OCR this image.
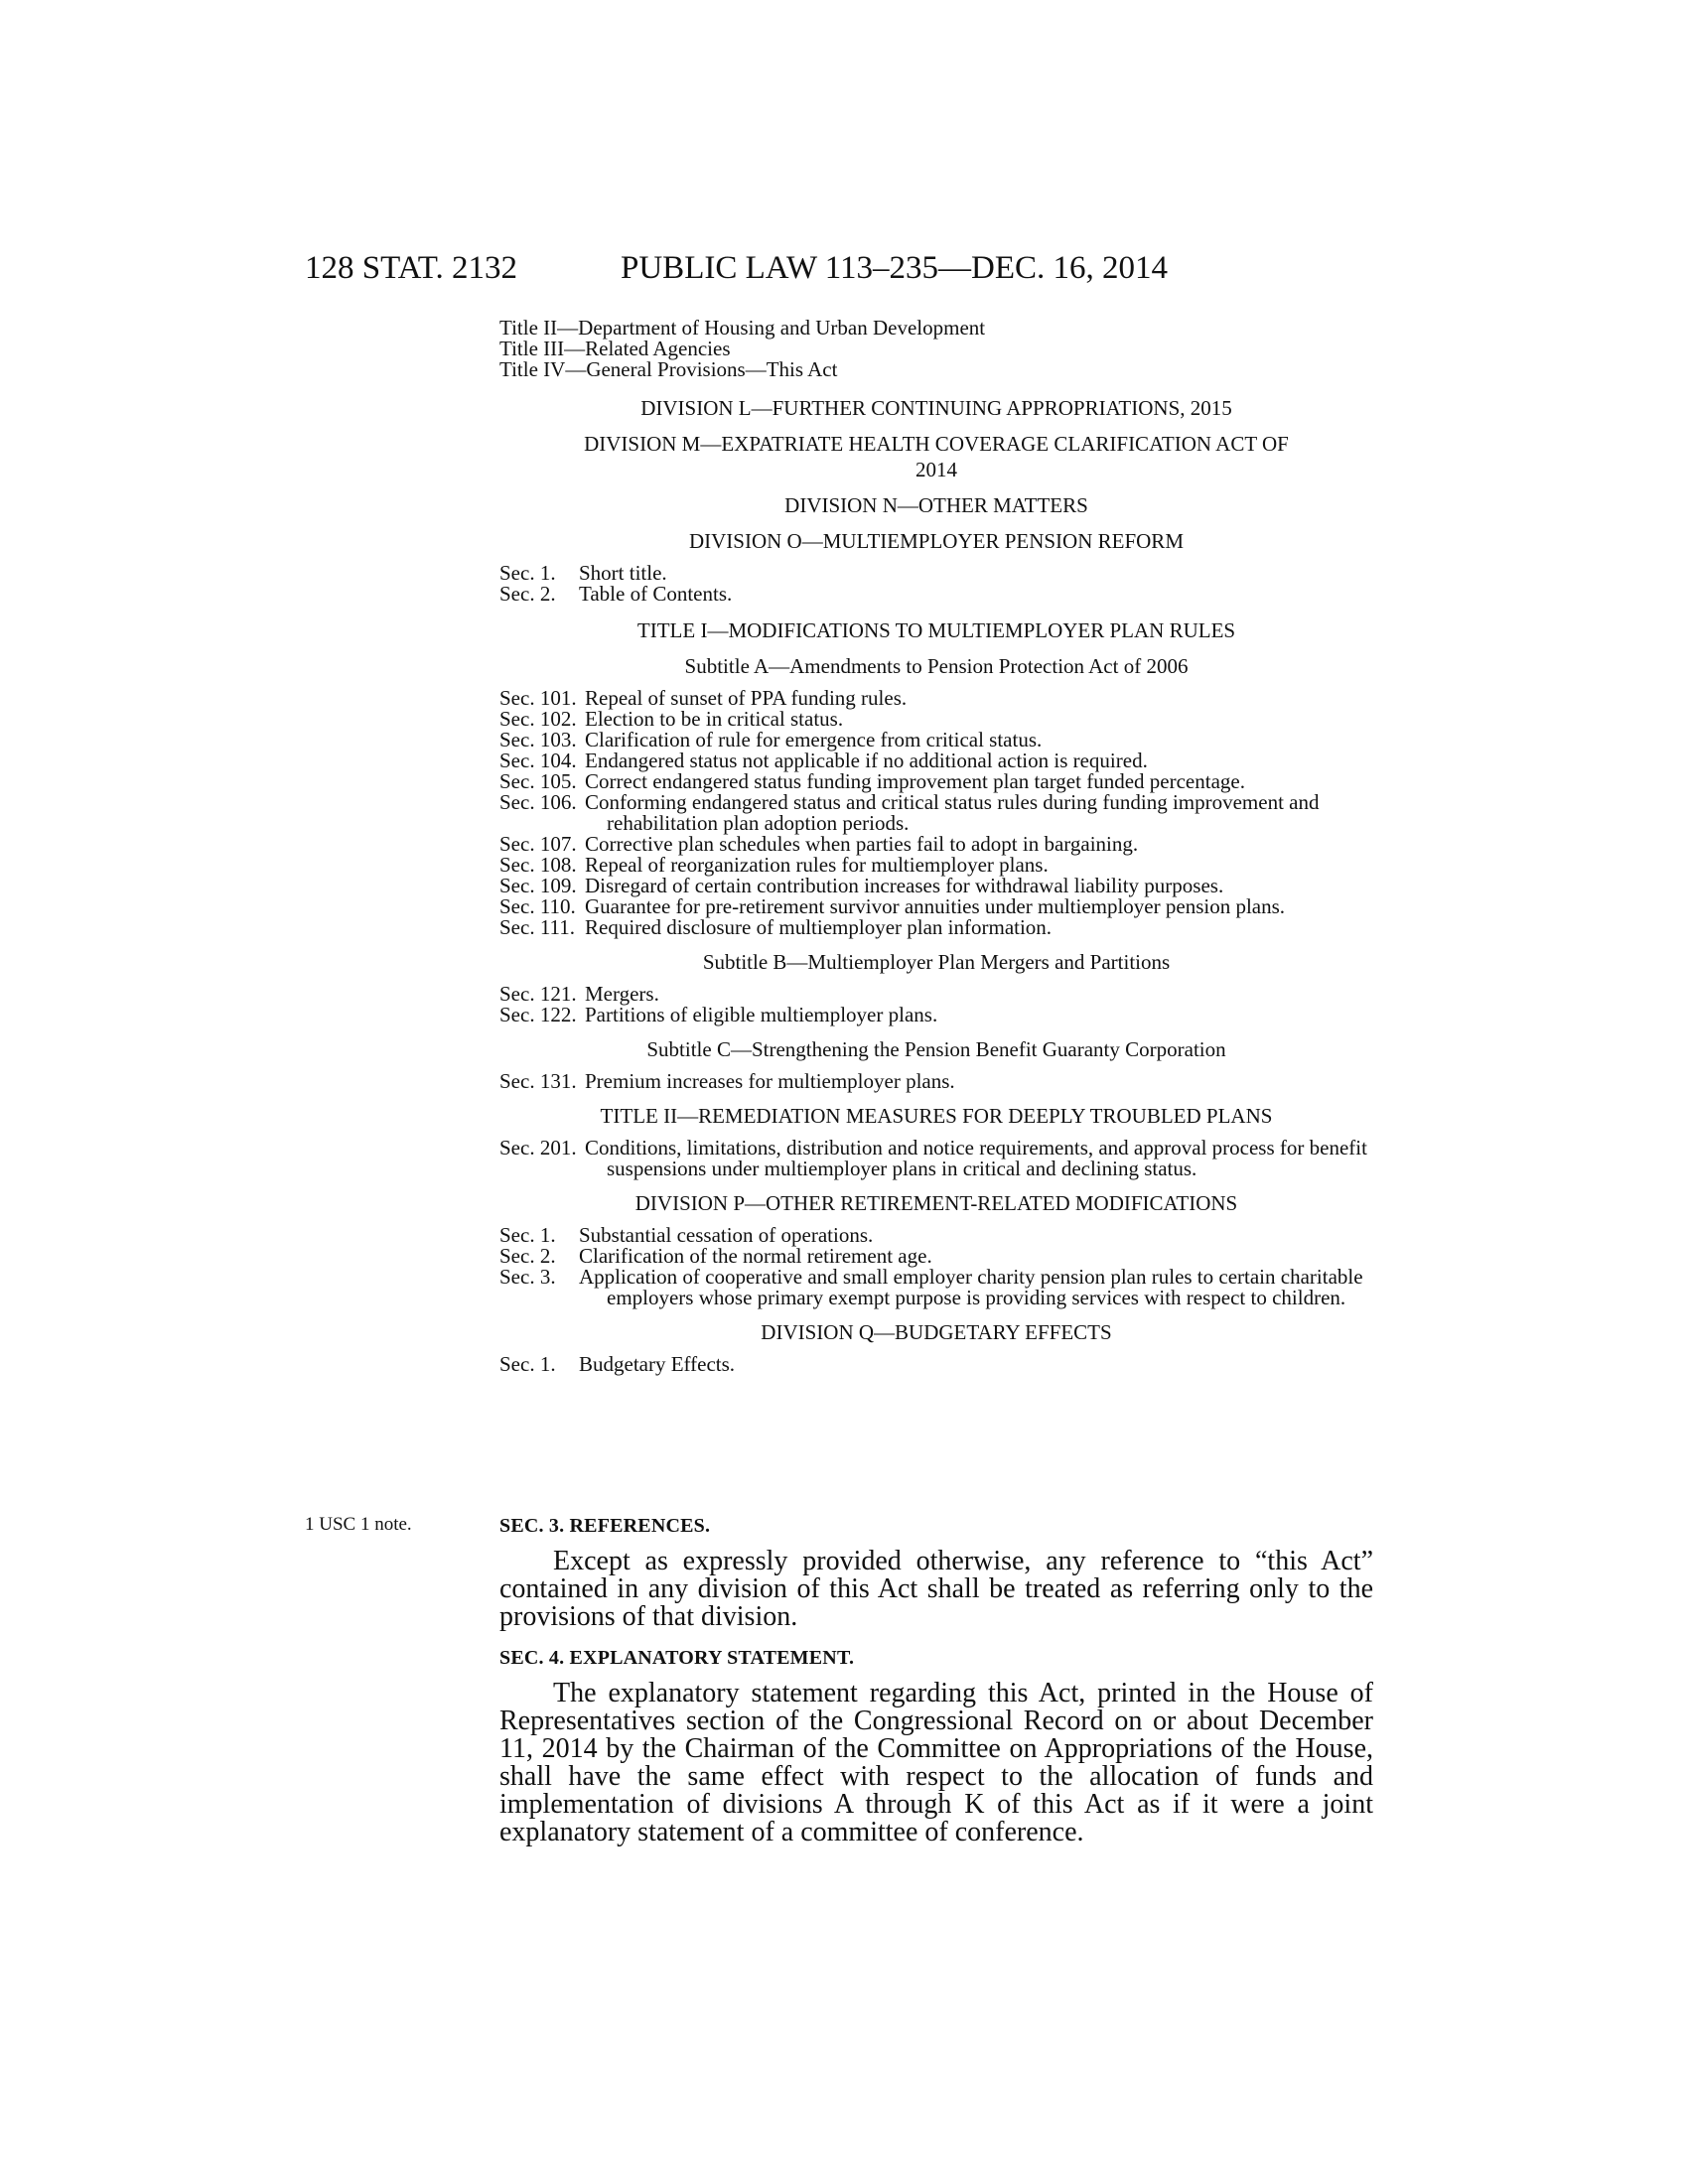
128 STAT. 2132	PUBLIC LAW 113–235—DEC. 16, 2014

Title II—Department of Housing and Urban Development

Title III—Related Agencies

Title IV—General Provisions—This Act

DIVISION L—FURTHER CONTINUING APPROPRIATIONS, 2015
DIVISION M—EXPATRIATE HEALTH COVERAGE CLARIFICATION ACT OF
2014
DIVISION N—OTHER MATTERS
DIVISION O—MULTIEMPLOYER PENSION REFORM

Sec. 1. Short title.

Sec. 2. Table of Contents.

TITLE I—MODIFICATIONS TO MULTIEMPLOYER PLAN RULES
Subtitle A—Amendments to Pension Protection Act of 2006

Sec. 101. Repeal of sunset of PPA funding rules.

Sec. 102. Election to be in critical status.

Sec. 103. Clarification of rule for emergence from critical status.

Sec. 104. Endangered status not applicable if no additional action is required.

Sec. 105. Correct endangered status funding improvement plan target funded percentage.

Sec. 106. Conforming endangered status and critical status rules during funding improvement and rehabilitation plan adoption periods.

Sec. 107. Corrective plan schedules when parties fail to adopt in bargaining.

Sec. 108. Repeal of reorganization rules for multiemployer plans.

Sec. 109. Disregard of certain contribution increases for withdrawal liability purposes.

Sec. 110. Guarantee for pre-retirement survivor annuities under multiemployer pension plans.

Sec. 111. Required disclosure of multiemployer plan information.

Subtitle B—Multiemployer Plan Mergers and Partitions

Sec. 121. Mergers.

Sec. 122. Partitions of eligible multiemployer plans.

Subtitle C—Strengthening the Pension Benefit Guaranty Corporation

Sec. 131. Premium increases for multiemployer plans.

TITLE II—REMEDIATION MEASURES FOR DEEPLY TROUBLED PLANS

Sec. 201. Conditions, limitations, distribution and notice requirements, and approval process for benefit suspensions under multiemployer plans in critical and declining status.

DIVISION P—OTHER RETIREMENT-RELATED MODIFICATIONS

Sec. 1. Substantial cessation of operations.

Sec. 2. Clarification of the normal retirement age.

Sec. 3. Application of cooperative and small employer charity pension plan rules to certain charitable employers whose primary exempt purpose is providing services with respect to children.

DIVISION Q—BUDGETARY EFFECTS

Sec. 1. Budgetary Effects.

1 USC 1 note.	SEC. 3. REFERENCES.

Except as expressly provided otherwise, any reference to “this Act” contained in any division of this Act shall be treated as referring only to the provisions of that division.

SEC. 4. EXPLANATORY STATEMENT.

The explanatory statement regarding this Act, printed in the House of Representatives section of the Congressional Record on or about December 11, 2014 by the Chairman of the Committee on Appropriations of the House, shall have the same effect with respect to the allocation of funds and implementation of divisions A through K of this Act as if it were a joint explanatory statement of a committee of conference.
